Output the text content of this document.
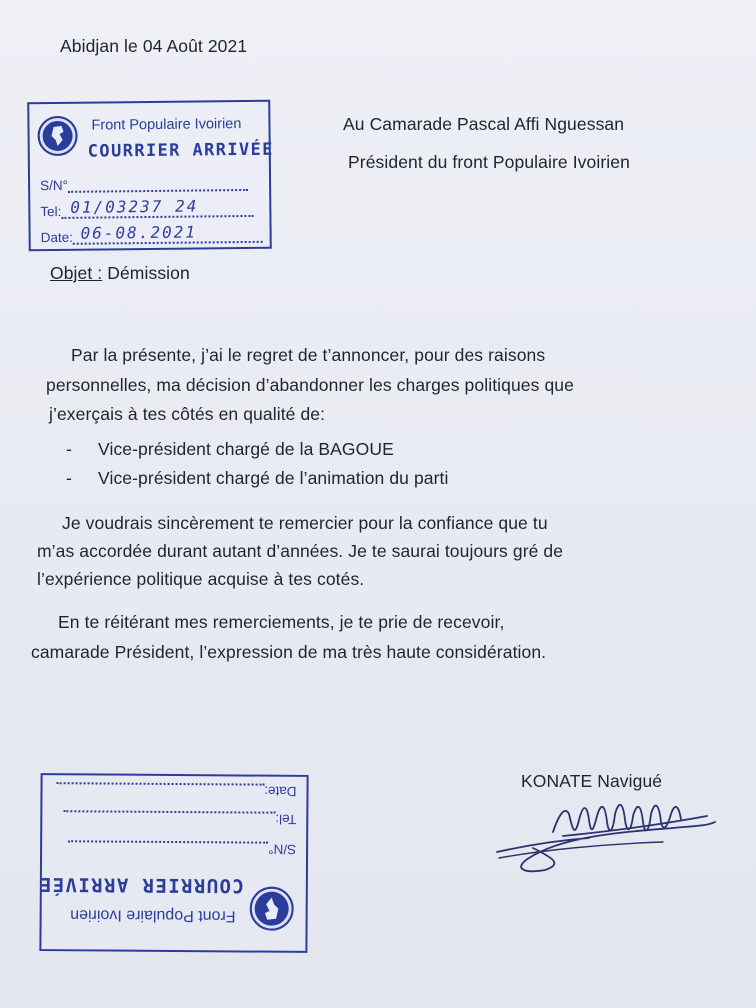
Abidjan le 04 Août 2021
Front Populaire Ivoirien
COURRIER ARRIVÉE
S/N°
Tel: 01/03237 24
Date: 06-08.2021
Au Camarade Pascal Affi Nguessan
Président du front Populaire Ivoirien
Objet : Démission
Par la présente, j’ai le regret de t’annoncer, pour des raisons
personnelles, ma décision d’abandonner les charges politiques que
j’exerçais à tes côtés en qualité de:
- Vice-président chargé de la BAGOUE
- Vice-président chargé de l’animation du parti
Je voudrais sincèrement te remercier pour la confiance que tu
m’as accordée durant autant d’années. Je te saurai toujours gré de
l’expérience politique acquise à tes cotés.
En te réitérant mes remerciements, je te prie de recevoir,
camarade Président, l’expression de ma très haute considération.
KONATE Navigué
Front Populaire Ivoirien
COURRIER ARRIVÉE
S/N°
Tel:
Date:
